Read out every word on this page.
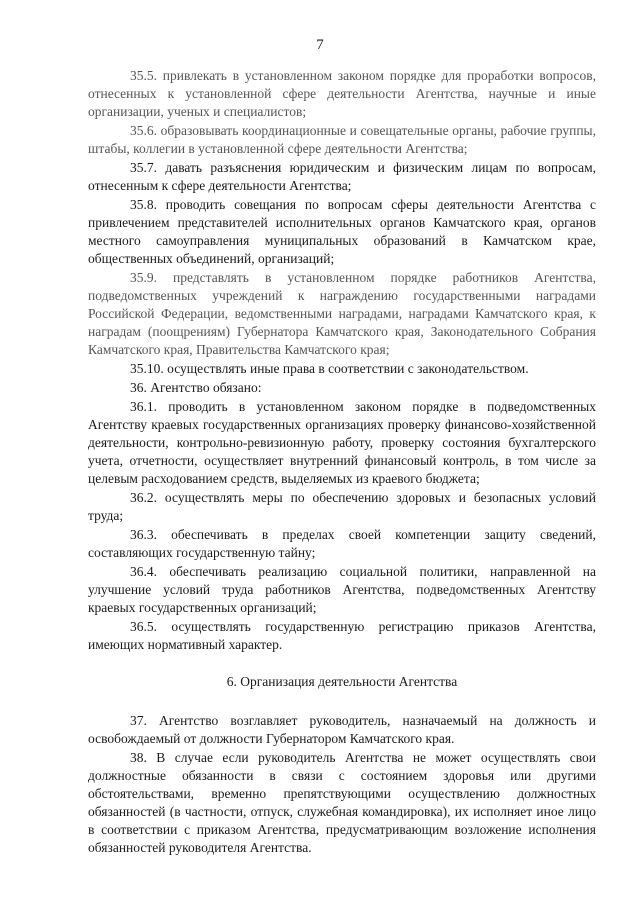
7

35.5. привлекать в установленном законом порядке для проработки вопросов, отнесенных к установленной сфере деятельности Агентства, научные и иные организации, ученых и специалистов;

35.6. образовывать координационные и совещательные органы, рабочие группы, штабы, коллегии в установленной сфере деятельности Агентства;

35.7. давать разъяснения юридическим и физическим лицам по вопросам, отнесенным к сфере деятельности Агентства;

35.8. проводить совещания по вопросам сферы деятельности Агентства с привлечением представителей исполнительных органов Камчатского края, органов местного самоуправления муниципальных образований в Камчатском крае, общественных объединений, организаций;

35.9. представлять в установленном порядке работников Агентства, подведомственных учреждений к награждению государственными наградами Российской Федерации, ведомственными наградами, наградами Камчатского края, к наградам (поощрениям) Губернатора Камчатского края, Законодательного Собрания Камчатского края, Правительства Камчатского края;

35.10. осуществлять иные права в соответствии с законодательством.

36. Агентство обязано:

36.1. проводить в установленном законом порядке в подведомственных Агентству краевых государственных организациях проверку финансово-хозяйственной деятельности, контрольно-ревизионную работу, проверку состояния бухгалтерского учета, отчетности, осуществляет внутренний финансовый контроль, в том числе за целевым расходованием средств, выделяемых из краевого бюджета;

36.2. осуществлять меры по обеспечению здоровых и безопасных условий труда;

36.3. обеспечивать в пределах своей компетенции защиту сведений, составляющих государственную тайну;

36.4. обеспечивать реализацию социальной политики, направленной на улучшение условий труда работников Агентства, подведомственных Агентству краевых государственных организаций;

36.5. осуществлять государственную регистрацию приказов Агентства, имеющих нормативный характер.

6. Организация деятельности Агентства

37. Агентство возглавляет руководитель, назначаемый на должность и освобождаемый от должности Губернатором Камчатского края.

38. В случае если руководитель Агентства не может осуществлять свои должностные обязанности в связи с состоянием здоровья или другими обстоятельствами, временно препятствующими осуществлению должностных обязанностей (в частности, отпуск, служебная командировка), их исполняет иное лицо в соответствии с приказом Агентства, предусматривающим возложение исполнения обязанностей руководителя Агентства.
